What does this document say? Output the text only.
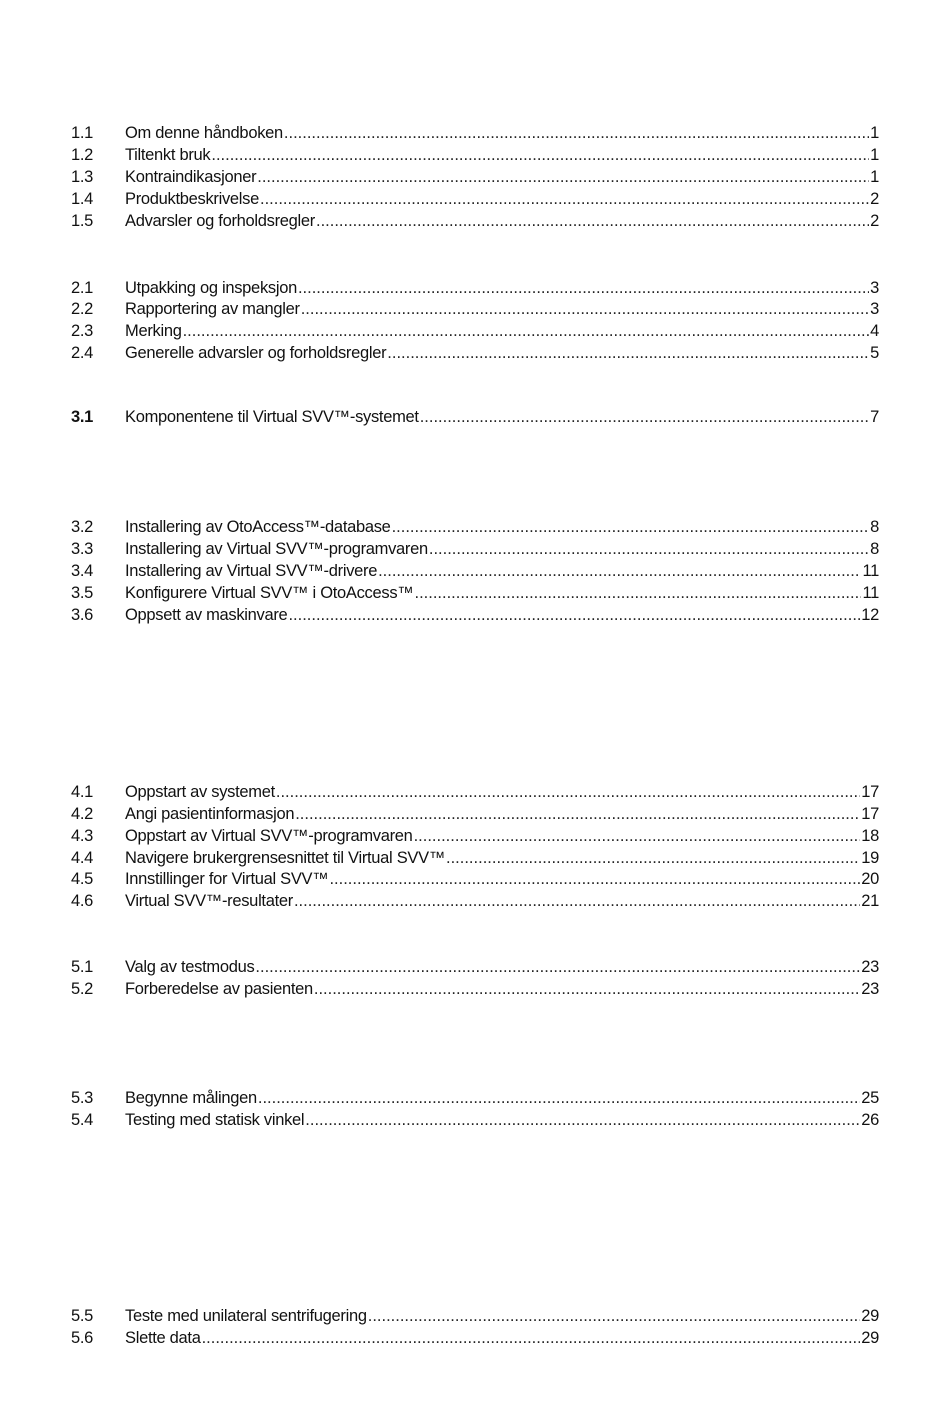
1.1	Om denne håndboken .....	1
1.2	Tiltenkt bruk .....	1
1.3	Kontraindikasjoner .....	1
1.4	Produktbeskrivelse .....	2
1.5	Advarsler og forholdsregler .....	2
2.1	Utpakking og inspeksjon .....	3
2.2	Rapportering av mangler .....	3
2.3	Merking .....	4
2.4	Generelle advarsler og forholdsregler .....	5
3.1	Komponentene til Virtual SVV™-systemet .....	7
3.2	Installering av OtoAccess™-database .....	8
3.3	Installering av Virtual SVV™-programvaren .....	8
3.4	Installering av Virtual SVV™-drivere .....	11
3.5	Konfigurere Virtual SVV™ i OtoAccess™ .....	11
3.6	Oppsett av maskinvare .....	12
4.1	Oppstart av systemet .....	17
4.2	Angi pasientinformasjon .....	17
4.3	Oppstart av Virtual SVV™-programvaren .....	18
4.4	Navigere brukergrensesnittet til Virtual SVV™ .....	19
4.5	Innstillinger for Virtual SVV™ .....	20
4.6	Virtual SVV™-resultater .....	21
5.1	Valg av testmodus .....	23
5.2	Forberedelse av pasienten .....	23
5.3	Begynne målingen .....	25
5.4	Testing med statisk vinkel .....	26
5.5	Teste med unilateral sentrifugering .....	29
5.6	Slette data .....	29
